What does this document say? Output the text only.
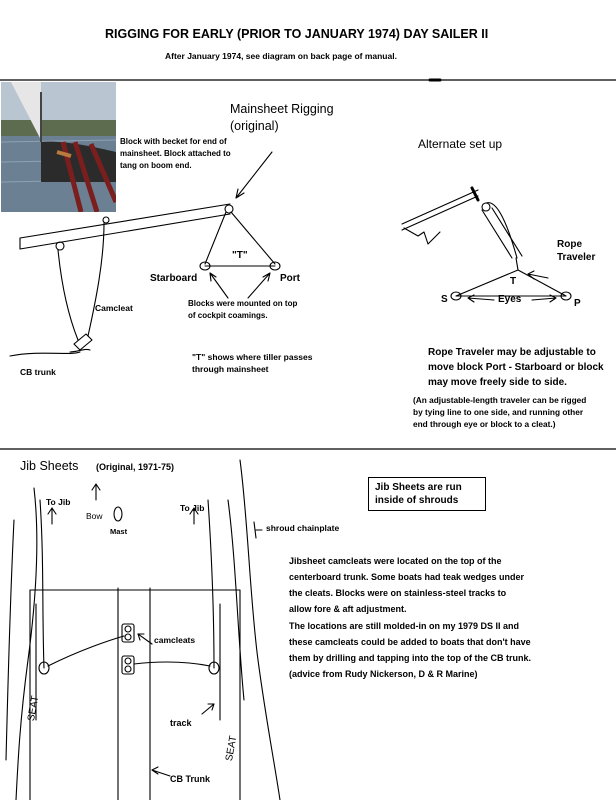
RIGGING FOR EARLY (PRIOR TO JANUARY 1974) DAY SAILER II
After January 1974, see diagram on back page of manual.
Mainsheet Rigging
(original)
Block with becket for end of
mainsheet. Block attached to
tang on boom end.
"T"
Starboard	Port
Blocks were mounted on top
of cockpit coamings.
Camcleat
CB trunk
"T" shows where tiller passes
through mainsheet
Alternate set up
Rope
Traveler
T
S	Eyes	P
Rope Traveler may be adjustable to
move block Port - Starboard or block
may move freely side to side.
(An adjustable-length traveler can be rigged
by tying line to one side, and running other
end through eye or block to a cleat.)
Jib Sheets (Original, 1971-75)
Jib Sheets are run
inside of shrouds
To Jib
To Jib
Bow
Mast	shroud chainplate
Jibsheet camcleats were located on the top of the
centerboard trunk. Some boats had teak wedges under
the cleats. Blocks were on stainless-steel tracks to
allow fore & aft adjustment.
The locations are still molded-in on my 1979 DS II and
these camcleats could be added to boats that don't have
them by drilling and tapping into the top of the CB trunk.
(advice from Rudy Nickerson, D & R Marine)
camcleats
track
CB Trunk
SEAT
SEAT
